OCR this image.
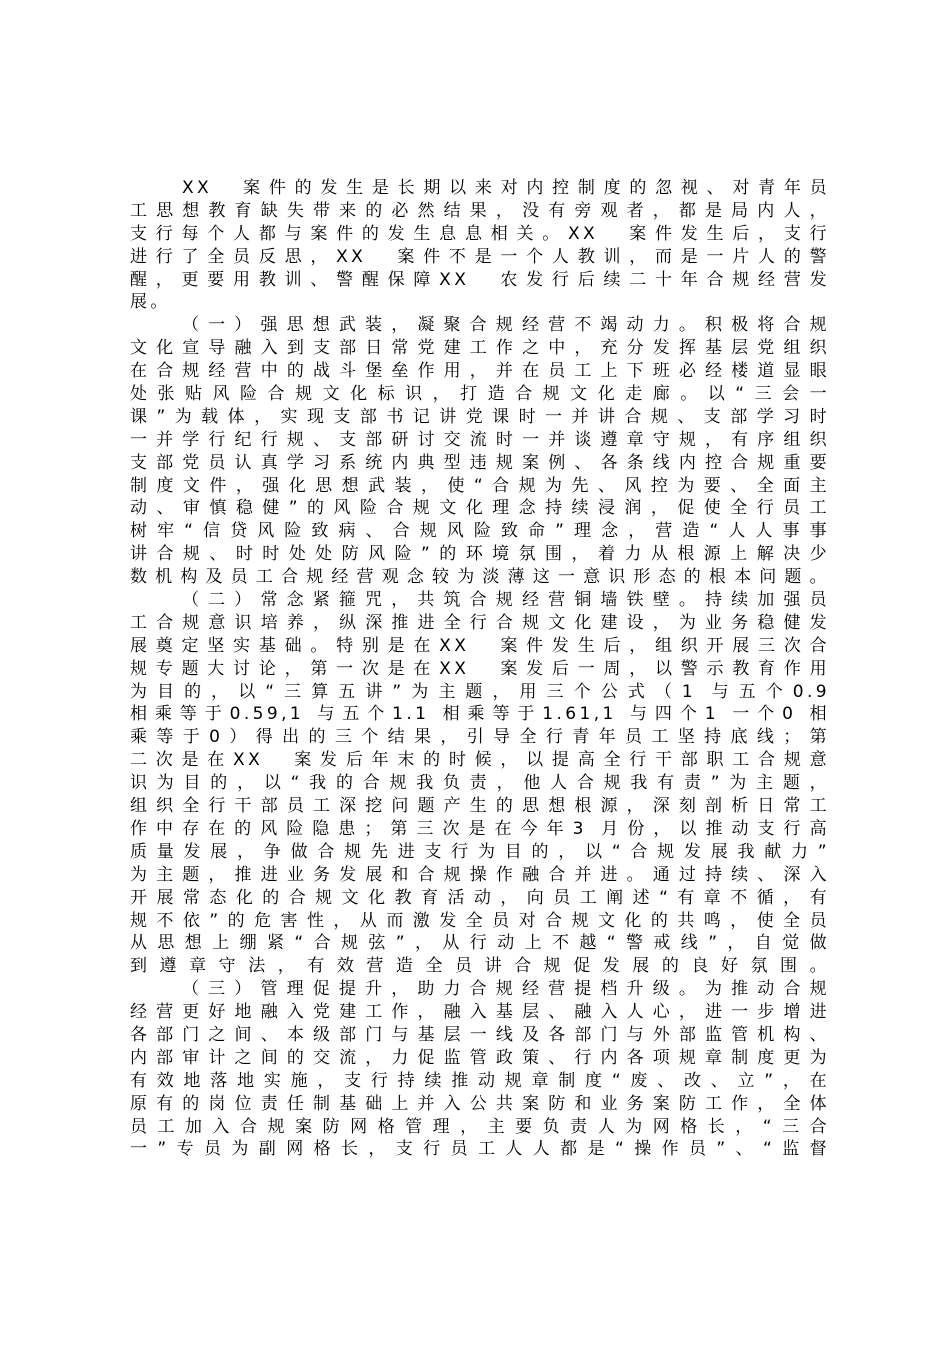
XX　案件的发生是长期以来对内控制度的忽视、对青年员
工思想教育缺失带来的必然结果，没有旁观者，都是局内人，
支行每个人都与案件的发生息息相关。XX　案件发生后，支行
进行了全员反思，XX　案件不是一个人教训，而是一片人的警
醒，更要用教训、警醒保障XX　农发行后续二十年合规经营发
展。
（一）强思想武装，凝聚合规经营不竭动力。积极将合规
文化宣导融入到支部日常党建工作之中，充分发挥基层党组织
在合规经营中的战斗堡垒作用，并在员工上下班必经楼道显眼
处张贴风险合规文化标识，打造合规文化走廊。以“三会一
课”为载体，实现支部书记讲党课时一并讲合规、支部学习时
一并学行纪行规、支部研讨交流时一并谈遵章守规，有序组织
支部党员认真学习系统内典型违规案例、各条线内控合规重要
制度文件，强化思想武装，使“合规为先、风控为要、全面主
动、审慎稳健”的风险合规文化理念持续浸润，促使全行员工
树牢“信贷风险致病、合规风险致命”理念，营造“人人事事
讲合规、时时处处防风险”的环境氛围，着力从根源上解决少
数机构及员工合规经营观念较为淡薄这一意识形态的根本问题。
（二）常念紧箍咒，共筑合规经营铜墙铁壁。持续加强员
工合规意识培养，纵深推进全行合规文化建设，为业务稳健发
展奠定坚实基础。特别是在XX　案件发生后，组织开展三次合
规专题大讨论，第一次是在XX　案发后一周，以警示教育作用
为目的，以“三算五讲”为主题，用三个公式（1 与五个0.9
相乘等于0.59,1 与五个1.1 相乘等于1.61,1 与四个1 一个0 相
乘等于0）得出的三个结果，引导全行青年员工坚持底线；第
二次是在XX　案发后年末的时候，以提高全行干部职工合规意
识为目的，以“我的合规我负责，他人合规我有责”为主题，
组织全行干部员工深挖问题产生的思想根源，深刻剖析日常工
作中存在的风险隐患；第三次是在今年3 月份，以推动支行高
质量发展，争做合规先进支行为目的，以“合规发展我献力”
为主题，推进业务发展和合规操作融合并进。通过持续、深入
开展常态化的合规文化教育活动，向员工阐述“有章不循，有
规不依”的危害性，从而激发全员对合规文化的共鸣，使全员
从思想上绷紧“合规弦”，从行动上不越“警戒线”，自觉做
到遵章守法，有效营造全员讲合规促发展的良好氛围。
（三）管理促提升，助力合规经营提档升级。为推动合规
经营更好地融入党建工作，融入基层、融入人心，进一步增进
各部门之间、本级部门与基层一线及各部门与外部监管机构、
内部审计之间的交流，力促监管政策、行内各项规章制度更为
有效地落地实施，支行持续推动规章制度“废、改、立”，在
原有的岗位责任制基础上并入公共案防和业务案防工作，全体
员工加入合规案防网格管理，主要负责人为网格长，“三合
一”专员为副网格长，支行员工人人都是“操作员”、“监督
